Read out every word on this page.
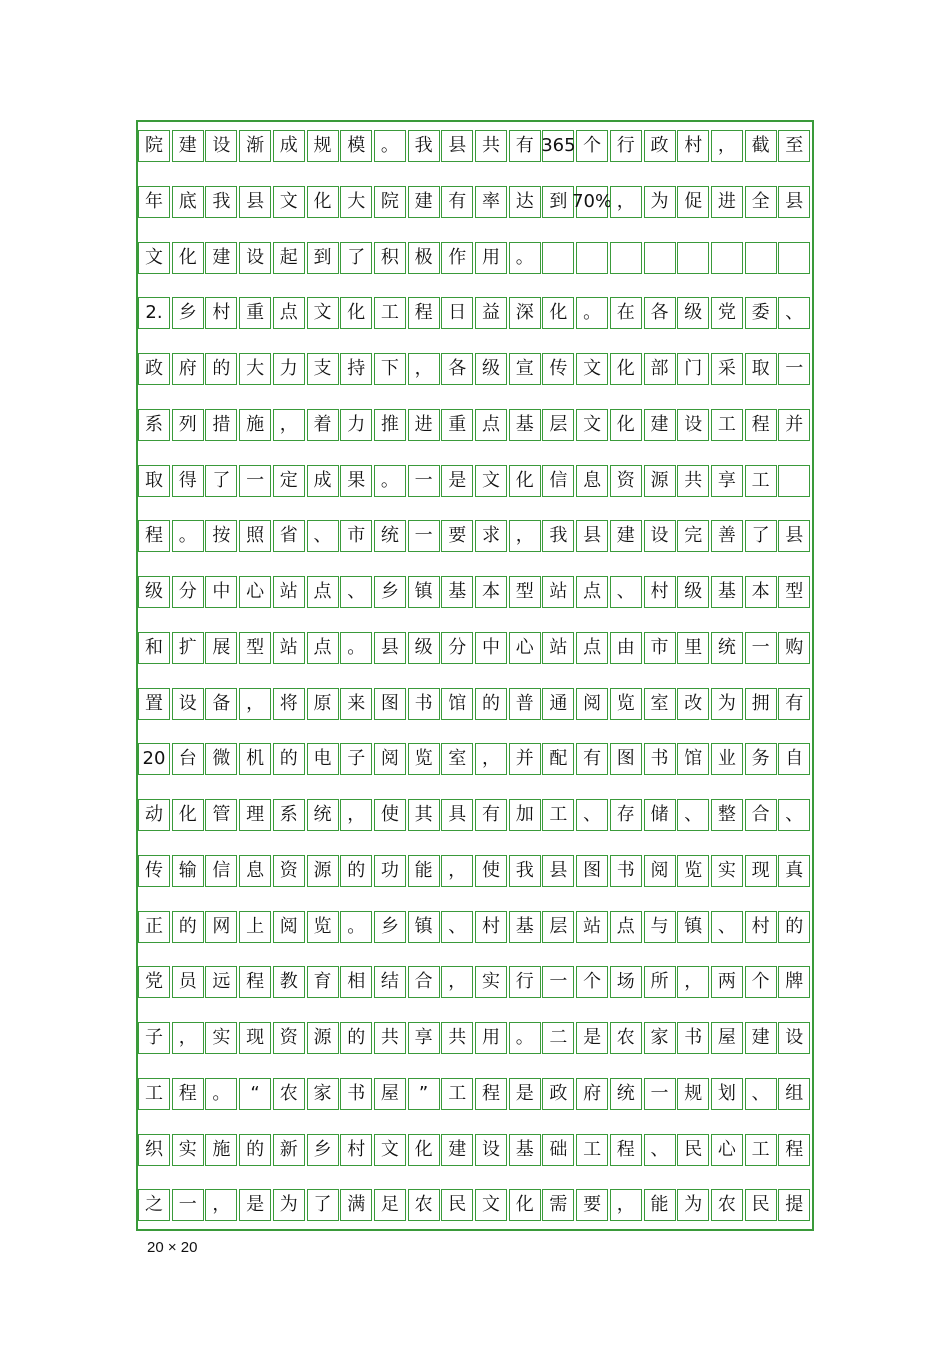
院 建 设 渐 成 规 模 。 我 县 共 有 365 个 行 政 村 ， 截 至
年 底 我 县 文 化 大 院 建 有 率 达 到 70% ， 为 促 进 全 县
文 化 建 设 起 到 了 积 极 作 用 。
2. 乡 村 重 点 文 化 工 程 日 益 深 化 。 在 各 级 党 委 、
政 府 的 大 力 支 持 下 ， 各 级 宣 传 文 化 部 门 采 取 一
系 列 措 施 ， 着 力 推 进 重 点 基 层 文 化 建 设 工 程 并
取 得 了 一 定 成 果 。 一 是 文 化 信 息 资 源 共 享 工
程 。 按 照 省 、 市 统 一 要 求 ， 我 县 建 设 完 善 了 县
级 分 中 心 站 点 、 乡 镇 基 本 型 站 点 、 村 级 基 本 型
和 扩 展 型 站 点 。 县 级 分 中 心 站 点 由 市 里 统 一 购
置 设 备 ， 将 原 来 图 书 馆 的 普 通 阅 览 室 改 为 拥 有
20 台 微 机 的 电 子 阅 览 室 ， 并 配 有 图 书 馆 业 务 自
动 化 管 理 系 统 ， 使 其 具 有 加 工 、 存 储 、 整 合 、
传 输 信 息 资 源 的 功 能 ， 使 我 县 图 书 阅 览 实 现 真
正 的 网 上 阅 览 。 乡 镇 、 村 基 层 站 点 与 镇 、 村 的
党 员 远 程 教 育 相 结 合 ， 实 行 一 个 场 所 ， 两 个 牌
子 ， 实 现 资 源 的 共 享 共 用 。 二 是 农 家 书 屋 建 设
工 程 。	“	农 家 书 屋	”	工 程 是 政 府 统 一 规 划 、 组
织 实 施 的 新 乡 村 文 化 建 设 基 础 工 程 、 民 心 工 程
之 一 ， 是 为 了 满 足 农 民 文 化 需 要 ， 能 为 农 民 提
20 × 20
